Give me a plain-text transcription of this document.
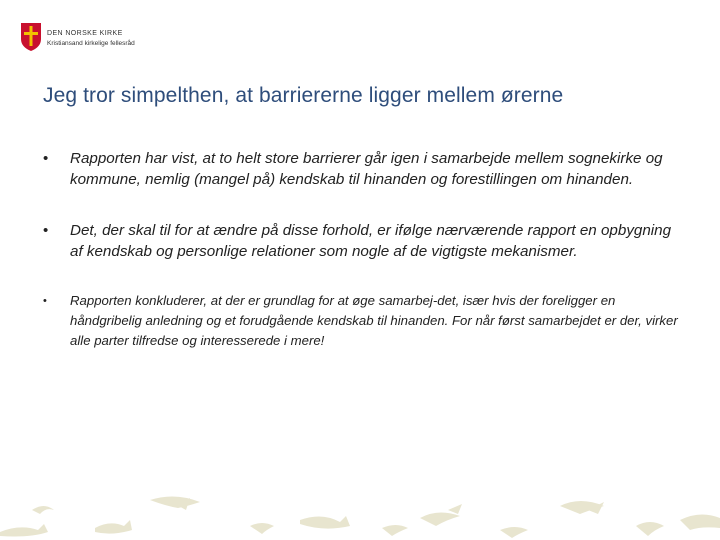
DEN NORSKE KIRKE
Kristiansand kirkelige fellesråd
Jeg tror simpelthen, at barriererne ligger mellem ørerne
•	Rapporten har vist, at to helt store barrierer går igen i samarbejde mellem sognekirke og kommune, nemlig (mangel på) kendskab til hinanden og forestillingen om hinanden.
•	Det, der skal til for at ændre på disse forhold, er ifølge nærværende rapport en opbygning af kendskab og personlige relationer som nogle af de vigtigste mekanismer.
•	Rapporten konkluderer, at der er grundlag for at øge samarbej-det, især hvis der foreligger en håndgribelig anledning og et forudgående kendskab til hinanden. For når først samarbejdet er der, virker alle parter tilfredse og interesserede i mere!
